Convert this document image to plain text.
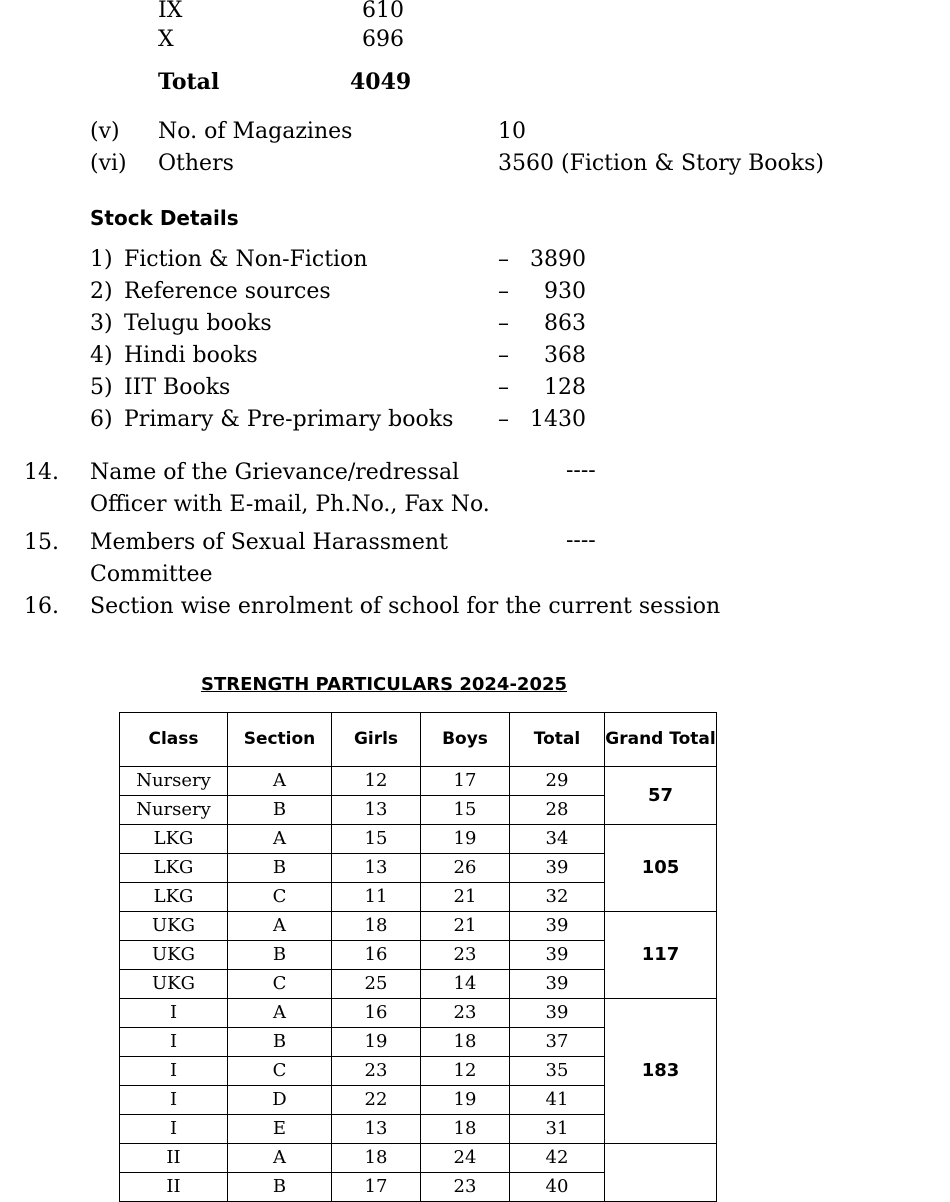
IX	610
X	696
Total	4049
(v) No. of Magazines	10
(vi) Others	3560 (Fiction & Story Books)
Stock Details
1) Fiction & Non-Fiction	– 3890
2) Reference sources	–	930
3) Telugu books	–	863
4) Hindi books	–	368
5) IIT Books	–	128
6) Primary & Pre-primary books – 1430
14. Name of the Grievance/redressal
Officer with E-mail, Ph.No., Fax No.
----
15. Members of Sexual Harassment
Committee
----
16. Section wise enrolment of school for the current session
STRENGTH PARTICULARS 2024-2025
Class	Section	Girls	Boys	Total	Grand Total
Nursery	A	12	17	29	57
Nursery	B	13	15	28	
LKG	A	15	19	34	105
LKG	B	13	26	39	
LKG	C	11	21	32	
UKG	A	18	21	39	117
UKG	B	16	23	39	
UKG	C	25	14	39	
I	A	16	23	39	183
I	B	19	18	37	
I	C	23	12	35	
I	D	22	19	41	
I	E	13	18	31	
II	A	18	24	42	
II	B	17	23	40	
